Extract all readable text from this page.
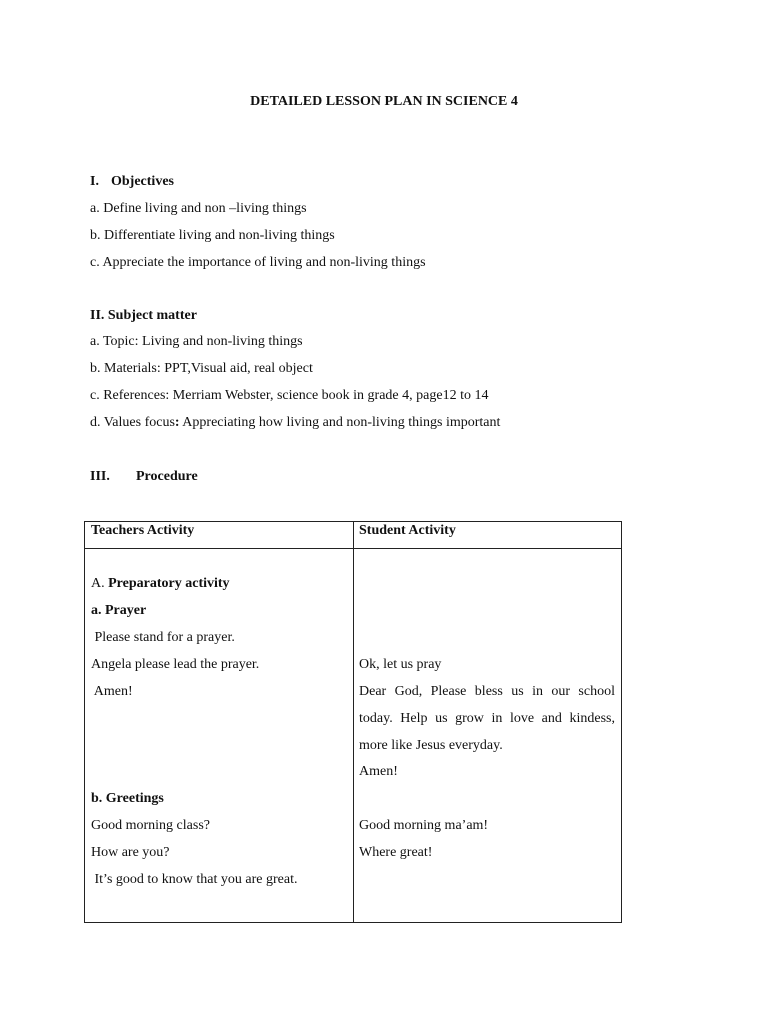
DETAILED LESSON PLAN IN SCIENCE 4
I. Objectives
a. Define living and non –living things
b. Differentiate living and non-living things
c. Appreciate the importance of living and non-living things
II. Subject matter
a. Topic: Living and non-living things
b. Materials: PPT,Visual aid, real object
c. References: Merriam Webster, science book in grade 4, page12 to 14
d. Values focus: Appreciating how living and non-living things important
III. Procedure
Teachers Activity	Student Activity
A. Preparatory activity
a. Prayer
Please stand for a prayer.
Angela please lead the prayer.
Amen!
b. Greetings
Good morning class?
How are you?
It’s good to know that you are great.
Ok, let us pray
Dear God, Please bless us in our school today. Help us grow in love and kindess, more like Jesus everyday.
Amen!
Good morning ma’am!
Where great!
